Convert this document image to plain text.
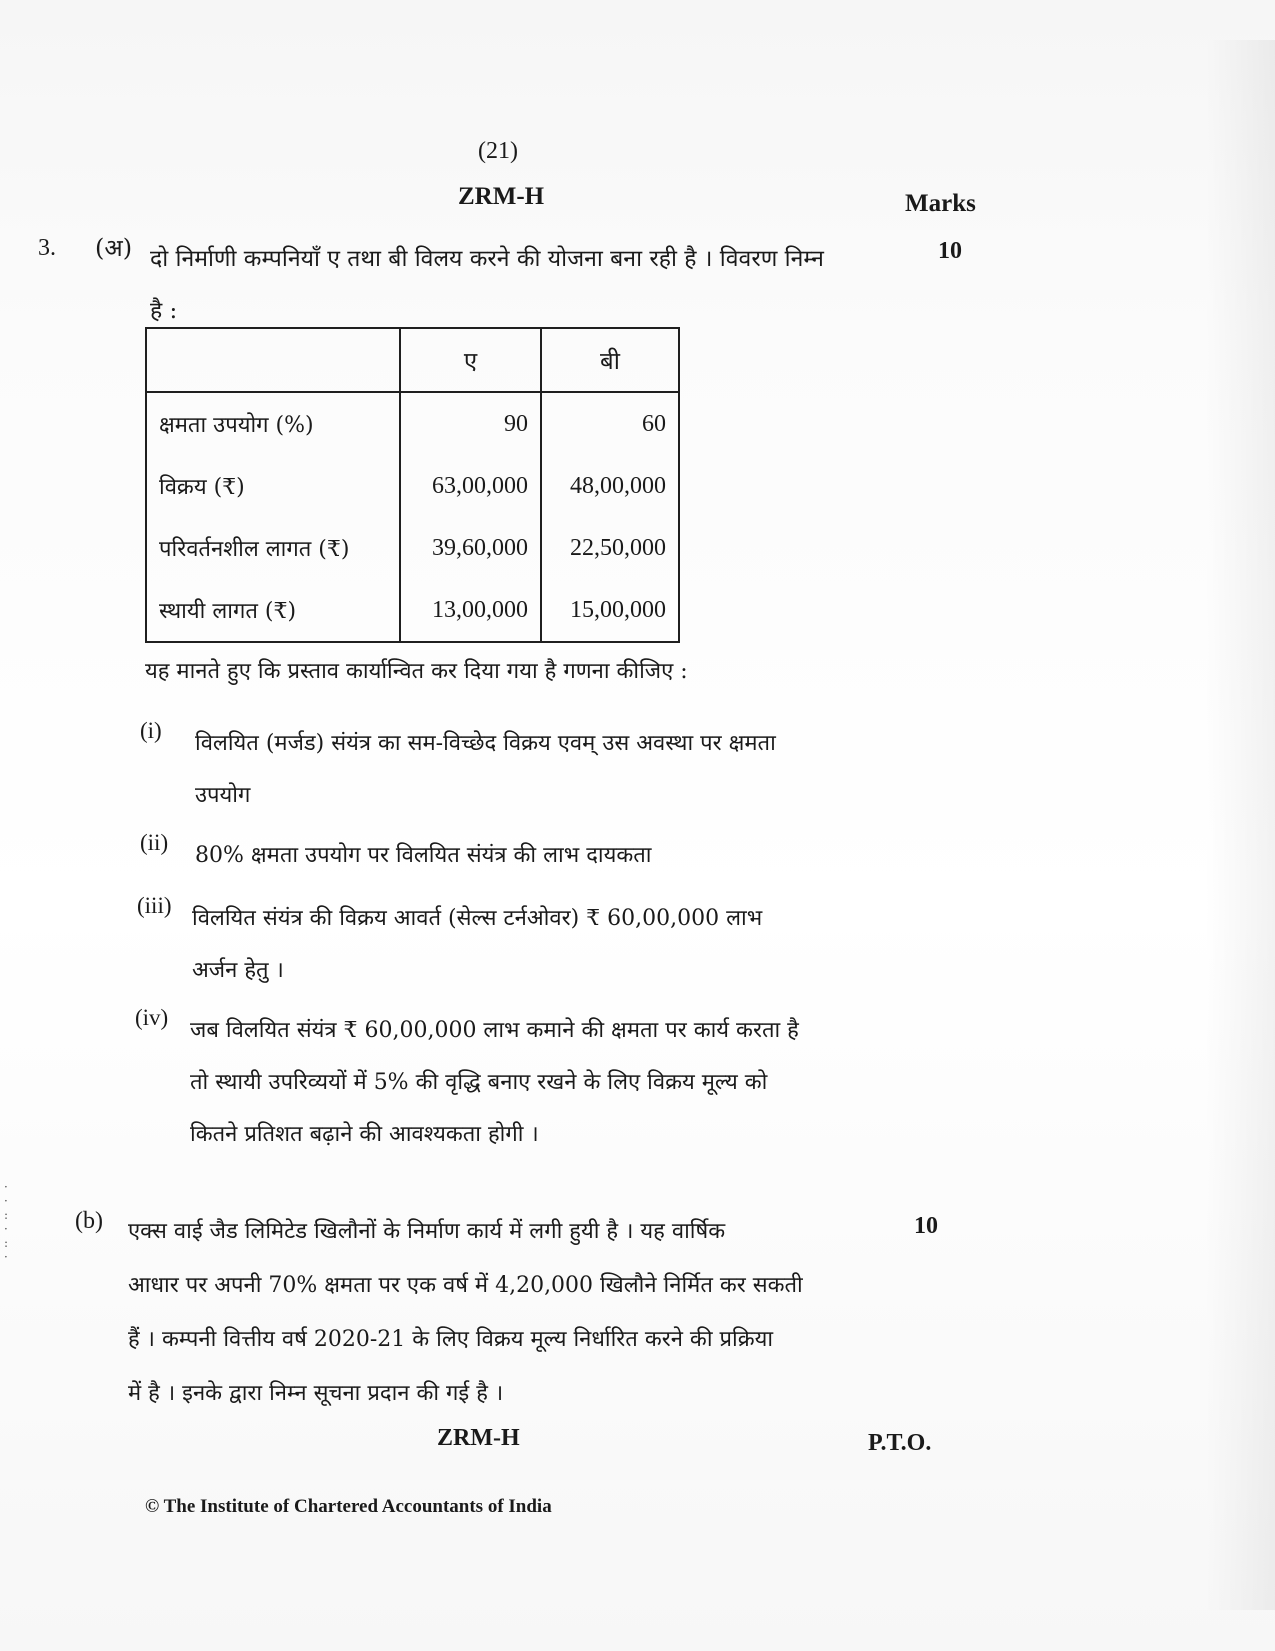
·
·
:
·
:
·
(21)
ZRM-H	Marks
3. (अ) दो निर्माणी कम्पनियाँ ए तथा बी विलय करने की योजना बना रही है । विवरण निम्न
है :
10
	ए	बी
क्षमता उपयोग (%)	90	60
विक्रय (₹)	63,00,000	48,00,000
परिवर्तनशील लागत (₹)	39,60,000	22,50,000
स्थायी लागत (₹)	13,00,000	15,00,000
यह मानते हुए कि प्रस्ताव कार्यान्वित कर दिया गया है गणना कीजिए :
(i)
विलयित (मर्जड) संयंत्र का सम-विच्छेद विक्रय एवम् उस अवस्था पर क्षमता
उपयोग
(ii)
80% क्षमता उपयोग पर विलयित संयंत्र की लाभ दायकता
(iii)
विलयित संयंत्र की विक्रय आवर्त (सेल्स टर्नओवर) ₹ 60,00,000 लाभ
अर्जन हेतु ।
(iv)
जब विलयित संयंत्र ₹ 60,00,000 लाभ कमाने की क्षमता पर कार्य करता है
तो स्थायी उपरिव्ययों में 5% की वृद्धि बनाए रखने के लिए विक्रय मूल्य को
कितने प्रतिशत बढ़ाने की आवश्यकता होगी ।
(b) एक्स वाई जैड लिमिटेड खिलौनों के निर्माण कार्य में लगी हुयी है । यह वार्षिक
आधार पर अपनी 70% क्षमता पर एक वर्ष में 4,20,000 खिलौने निर्मित कर सकती
हैं । कम्पनी वित्तीय वर्ष 2020-21 के लिए विक्रय मूल्य निर्धारित करने की प्रक्रिया
में है । इनके द्वारा निम्न सूचना प्रदान की गई है ।
10
ZRM-H	P.T.O.
© The Institute of Chartered Accountants of India
